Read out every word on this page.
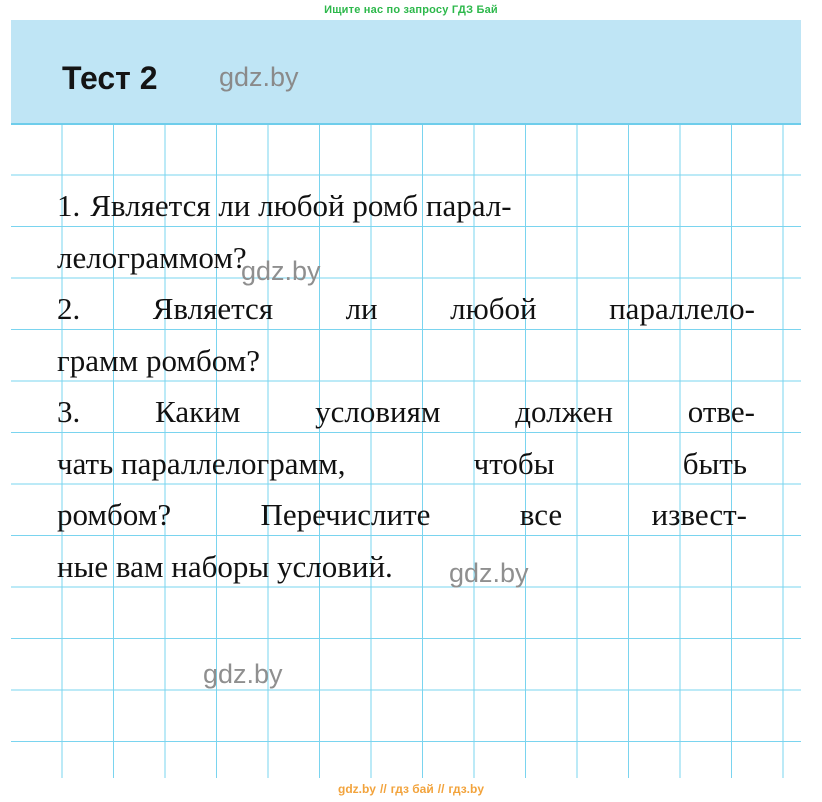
Ищите нас по запросу ГДЗ Бай
Тест 2 gdz.by
1. Является ли любой ромб парал-
лелограммом?
2. Является ли любой параллело-
грамм ромбом?
3. Каким условиям должен отве-
чать параллелограмм,	чтобы	быть
ромбом?	Перечислите	все	извест-
ные вам наборы условий.
gdz.by
gdz.by
gdz.by
gdz.by // гдз бай // гдз.by
